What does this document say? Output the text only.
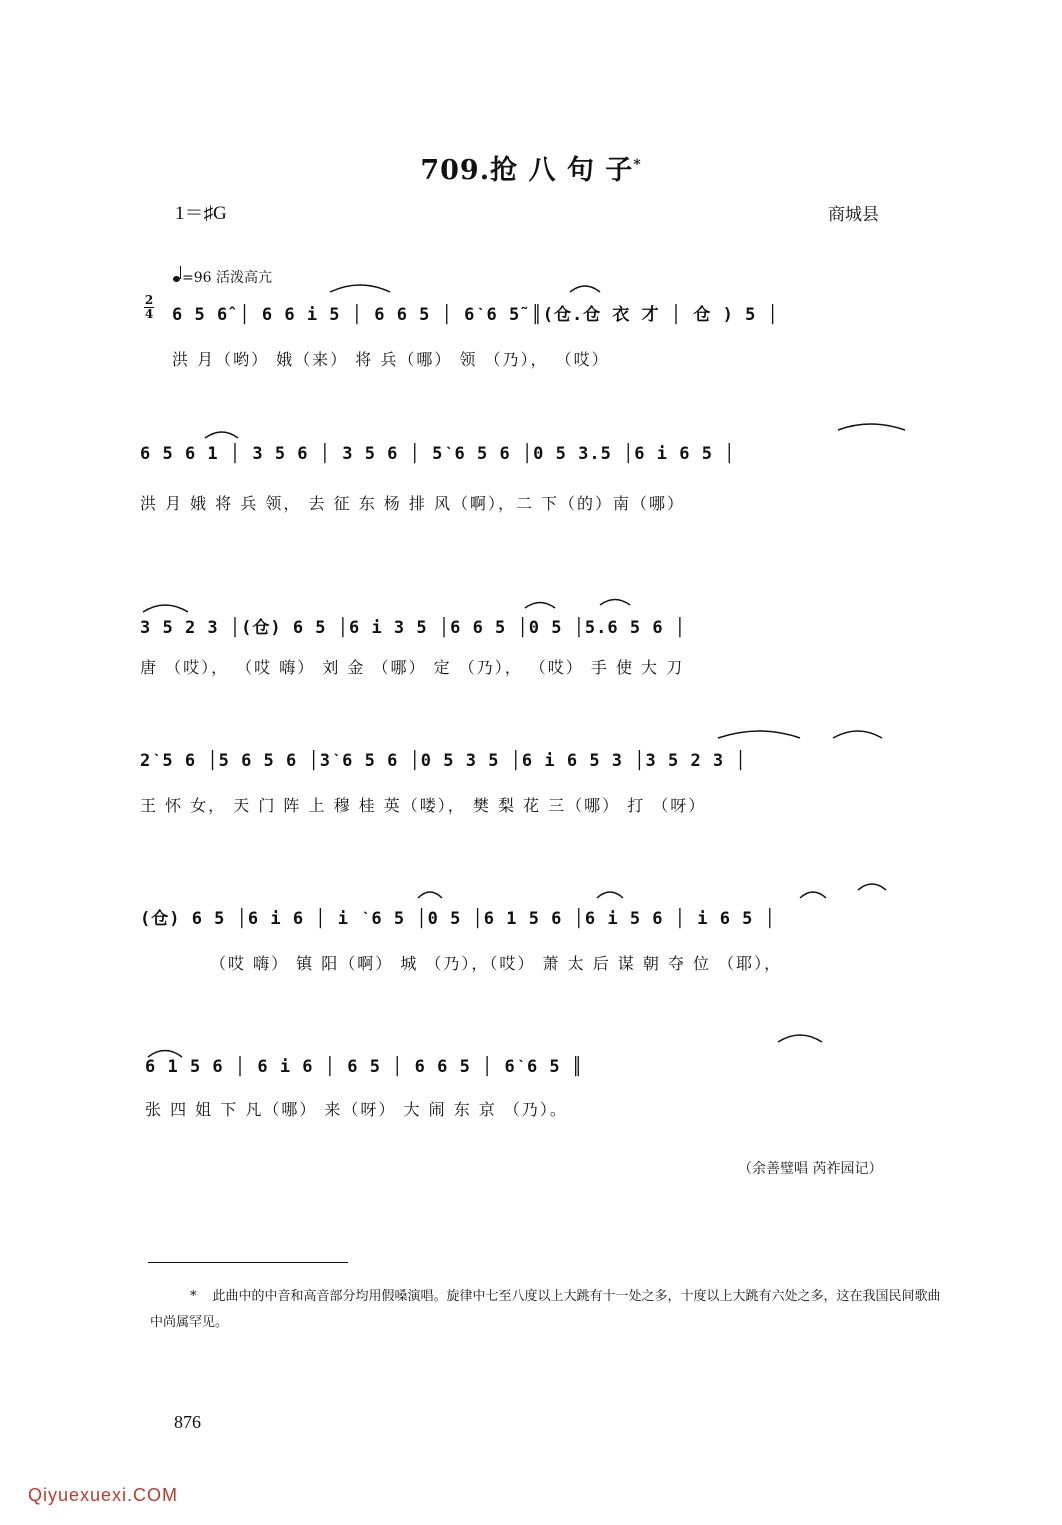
709.抢 八 句 子*
1＝♯G	商城县
=96 活泼高亢
2
4 6 5 6̂ │ 6 6 i 5 │ 6 6 5 │ 6ˋ6 5̃ ║(仓.仓 衣 才 │ 仓 ) 5 │
洪 月（哟） 娥（来） 将 兵（哪） 领 （乃）， （哎）
6 5 6 1 │ 3 5 6 │ 3 5 6 │ 5ˋ6 5 6 │0 5 3.5 │6 i 6 5 │
洪 月 娥 将 兵 领， 去 征 东 杨 排 风（啊），二 下（的）南（哪）
3 5 2 3 │(仓) 6 5 │6 i 3 5 │6 6 5 │0 5 │5.6 5 6 │
唐 （哎）， （哎 嗨） 刘 金 （哪） 定 （乃）， （哎） 手 使 大 刀
2ˋ5 6 │5 6 5 6 │3ˋ6 5 6 │0 5 3 5 │6 i 6 5 3 │3 5 2 3 │
王 怀 女， 天 门 阵 上 穆 桂 英（喽）， 樊 梨 花 三（哪） 打 （呀）
(仓) 6 5 │6 i 6 │ i ˋ6 5 │0 5 │6 1 5 6 │6 i 5 6 │ i 6 5 │
（哎 嗨） 镇 阳（啊） 城 （乃），（哎） 萧 太 后 谋 朝 夺 位 （耶），
6 1 5 6 │ 6 i 6 │ 6 5 │ 6 6 5 │ 6ˋ6 5 ║
张 四 姐 下 凡（哪） 来（呀） 大 闹 东 京 （乃）。
（余善璧唱 芮祚园记）
* 此曲中的中音和高音部分均用假嗓演唱。旋律中七至八度以上大跳有十一处之多，十度以上大跳有六处之多，这在我国民间歌曲中尚属罕见。
876
Qiyuexuexi.COM
